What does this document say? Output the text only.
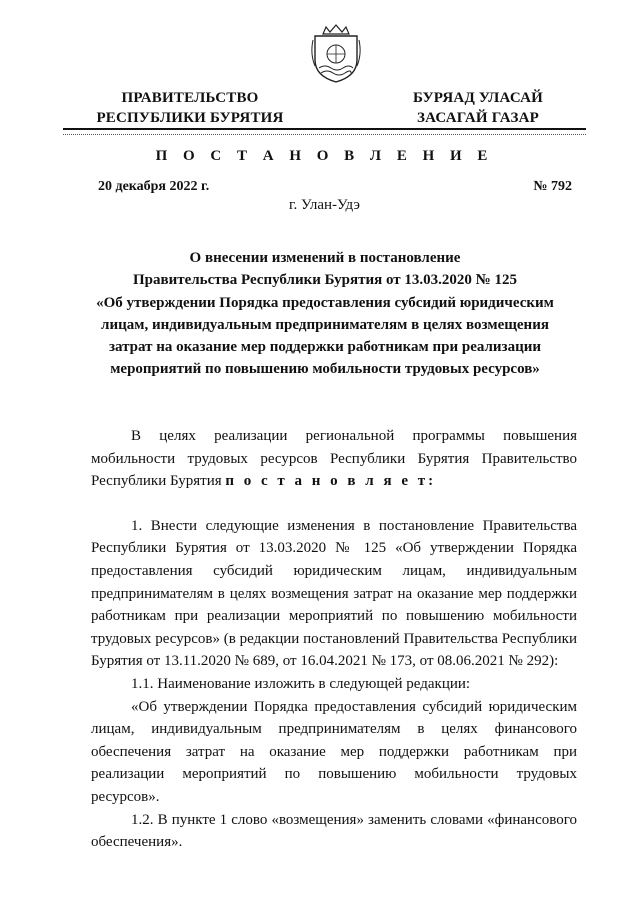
ПРАВИТЕЛЬСТВО
РЕСПУБЛИКИ БУРЯТИЯ
БУРЯАД УЛАСАЙ
ЗАСАГАЙ ГАЗАР
П О С Т А Н О В Л Е Н И Е
20 декабря 2022 г.	№ 792
г. Улан-Удэ
О внесении изменений в постановление
Правительства Республики Бурятия от 13.03.2020 № 125
«Об утверждении Порядка предоставления субсидий юридическим
лицам, индивидуальным предпринимателям в целях возмещения
затрат на оказание мер поддержки работникам при реализации
мероприятий по повышению мобильности трудовых ресурсов»

В целях реализации региональной программы повышения мобильности трудовых ресурсов Республики Бурятия Правительство Республики Бурятия п о с т а н о в л я е т:

1. Внести следующие изменения в постановление Правительства Республики Бурятия от 13.03.2020 № 125 «Об утверждении Порядка предоставления субсидий юридическим лицам, индивидуальным предпринимателям в целях возмещения затрат на оказание мер поддержки работникам при реализации мероприятий по повышению мобильности трудовых ресурсов» (в редакции постановлений Правительства Республики Бурятия от 13.11.2020 № 689, от 16.04.2021 № 173, от 08.06.2021 № 292):

1.1. Наименование изложить в следующей редакции:

«Об утверждении Порядка предоставления субсидий юридическим лицам, индивидуальным предпринимателям в целях финансового обеспечения затрат на оказание мер поддержки работникам при реализации мероприятий по повышению мобильности трудовых ресурсов».

1.2. В пункте 1 слово «возмещения» заменить словами «финансового обеспечения».
